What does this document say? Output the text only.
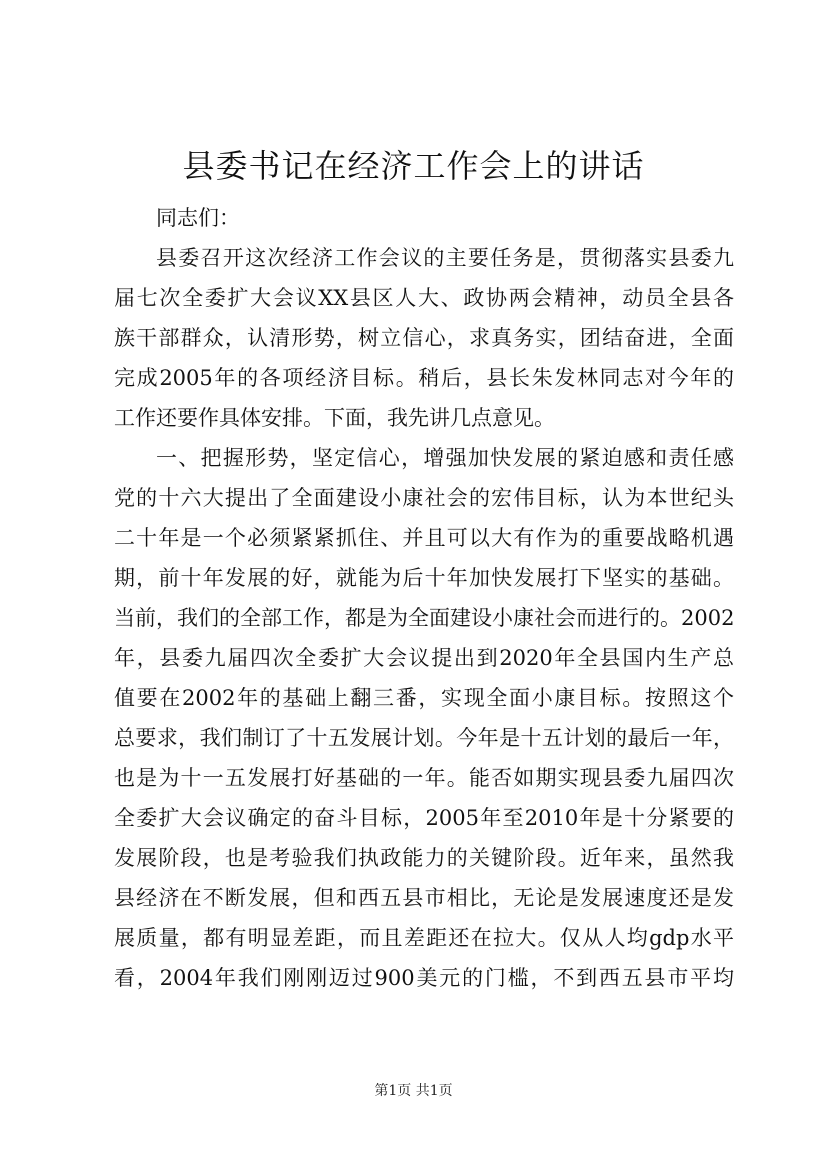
县委书记在经济工作会上的讲话
同志们：
县委召开这次经济工作会议的主要任务是，贯彻落实县委九
届七次全委扩大会议XX县区人大、政协两会精神，动员全县各
族干部群众，认清形势，树立信心，求真务实，团结奋进，全面
完成2005年的各项经济目标。稍后，县长朱发林同志对今年的
工作还要作具体安排。下面，我先讲几点意见。
一、把握形势，坚定信心，增强加快发展的紧迫感和责任感
党的十六大提出了全面建设小康社会的宏伟目标，认为本世纪头
二十年是一个必须紧紧抓住、并且可以大有作为的重要战略机遇
期，前十年发展的好，就能为后十年加快发展打下坚实的基础。
当前，我们的全部工作，都是为全面建设小康社会而进行的。2002
年，县委九届四次全委扩大会议提出到2020年全县国内生产总
值要在2002年的基础上翻三番，实现全面小康目标。按照这个
总要求，我们制订了十五发展计划。今年是十五计划的最后一年，
也是为十一五发展打好基础的一年。能否如期实现县委九届四次
全委扩大会议确定的奋斗目标，2005年至2010年是十分紧要的
发展阶段，也是考验我们执政能力的关键阶段。近年来，虽然我
县经济在不断发展，但和西五县市相比，无论是发展速度还是发
展质量，都有明显差距，而且差距还在拉大。仅从人均gdp水平
看，2004年我们刚刚迈过900美元的门槛，不到西五县市平均
第1页 共1页
